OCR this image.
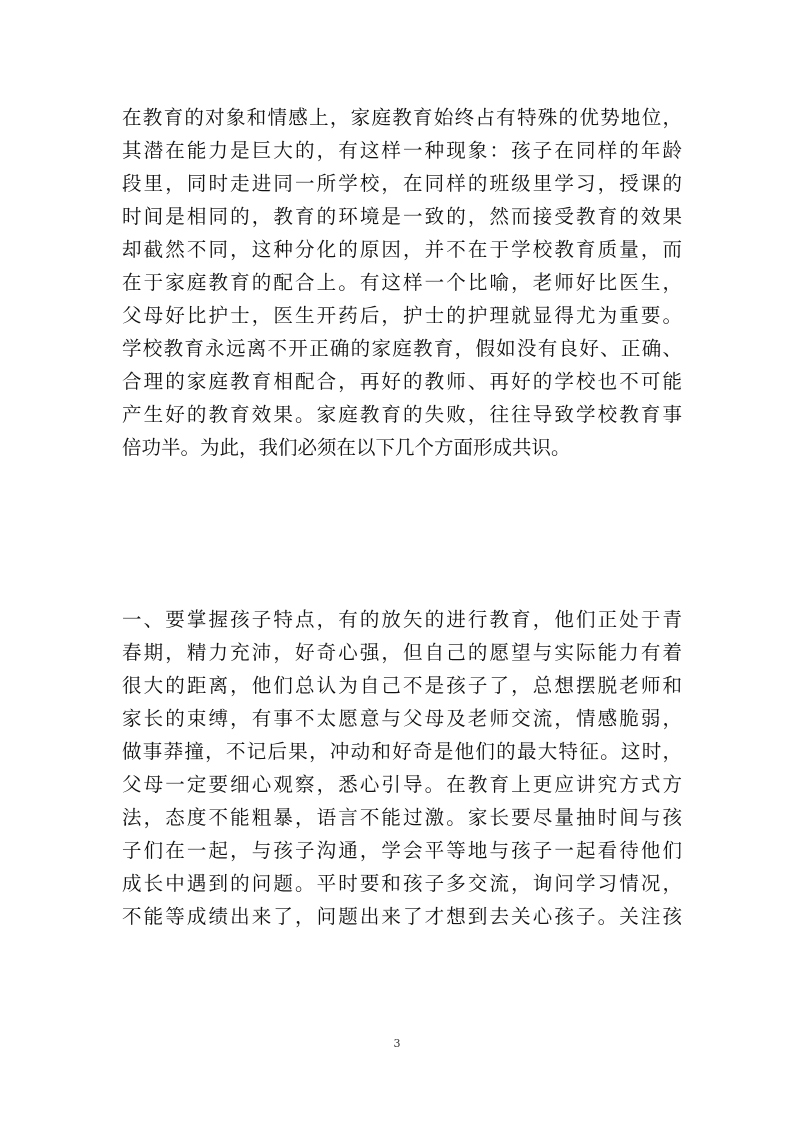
在教育的对象和情感上，家庭教育始终占有特殊的优势地位，
其潜在能力是巨大的，有这样一种现象：孩子在同样的年龄
段里，同时走进同一所学校，在同样的班级里学习，授课的
时间是相同的，教育的环境是一致的，然而接受教育的效果
却截然不同，这种分化的原因，并不在于学校教育质量，而
在于家庭教育的配合上。有这样一个比喻，老师好比医生，
父母好比护士，医生开药后，护士的护理就显得尤为重要。
学校教育永远离不开正确的家庭教育，假如没有良好、正确、
合理的家庭教育相配合，再好的教师、再好的学校也不可能
产生好的教育效果。家庭教育的失败，往往导致学校教育事
倍功半。为此，我们必须在以下几个方面形成共识。
一、要掌握孩子特点，有的放矢的进行教育，他们正处于青
春期，精力充沛，好奇心强，但自己的愿望与实际能力有着
很大的距离，他们总认为自己不是孩子了，总想摆脱老师和
家长的束缚，有事不太愿意与父母及老师交流，情感脆弱，
做事莽撞，不记后果，冲动和好奇是他们的最大特征。这时，
父母一定要细心观察，悉心引导。在教育上更应讲究方式方
法，态度不能粗暴，语言不能过激。家长要尽量抽时间与孩
子们在一起，与孩子沟通，学会平等地与孩子一起看待他们
成长中遇到的问题。平时要和孩子多交流，询问学习情况，
不能等成绩出来了，问题出来了才想到去关心孩子。关注孩
3
